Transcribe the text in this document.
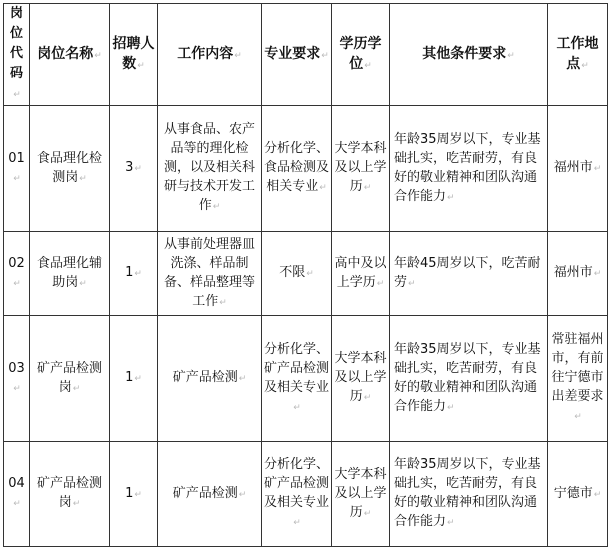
岗位代码↵	岗位名称↵	招聘人数↵	工作内容↵	专业要求↵	学历学位↵	其他条件要求↵	工作地点↵
01↵	食品理化检测岗↵	3↵	从事食品、农产品等的理化检测，以及相关科研与技术开发工作↵	分析化学、食品检测及相关专业↵	大学本科及以上学历↵	年龄35周岁以下，专业基础扎实，吃苦耐劳，有良好的敬业精神和团队沟通合作能力↵	福州市↵
02↵	食品理化辅助岗↵	1↵	从事前处理器皿洗涤、样品制备、样品整理等工作↵	不限↵	高中及以上学历↵	年龄45周岁以下，吃苦耐劳↵	福州市↵
03↵	矿产品检测岗↵	1↵	矿产品检测↵	分析化学、矿产品检测及相关专业↵	大学本科及以上学历↵	年龄35周岁以下，专业基础扎实，吃苦耐劳，有良好的敬业精神和团队沟通合作能力↵	常驻福州市，有前往宁德市出差要求↵
04↵	矿产品检测岗↵	1↵	矿产品检测↵	分析化学、矿产品检测及相关专业↵	大学本科及以上学历↵	年龄35周岁以下，专业基础扎实，吃苦耐劳，有良好的敬业精神和团队沟通合作能力↵	宁德市↵
